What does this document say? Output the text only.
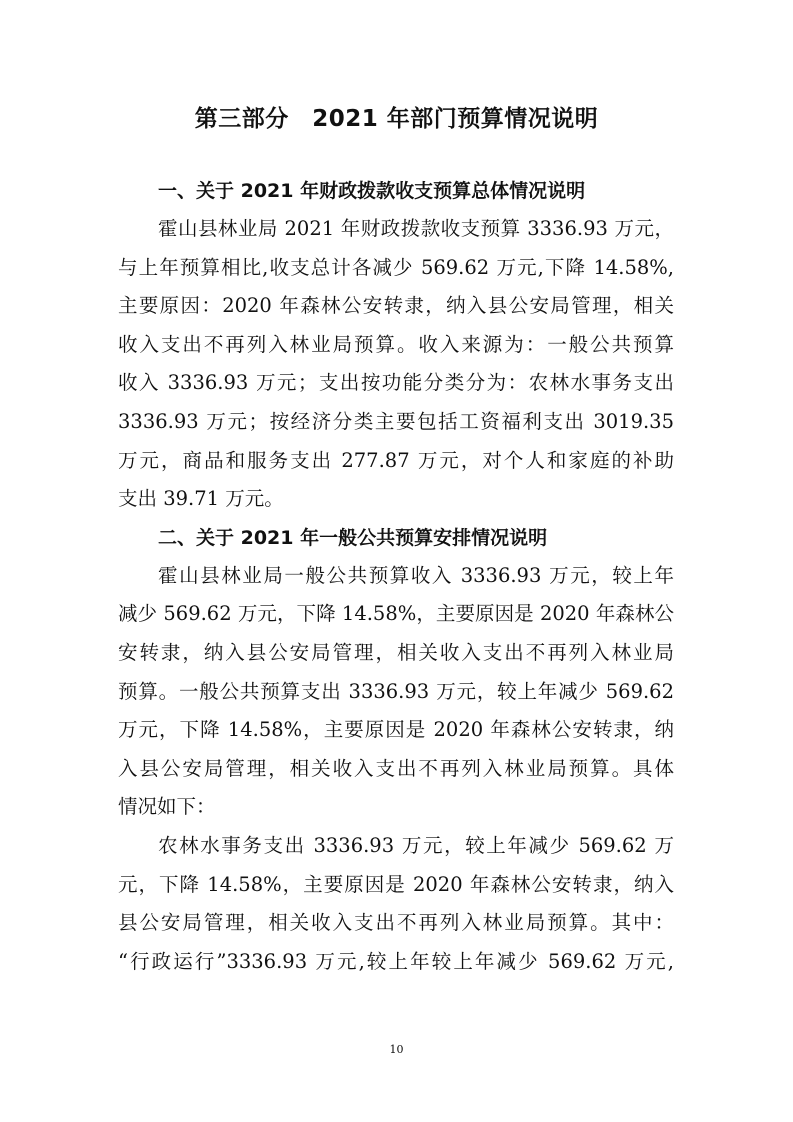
第三部分　2021 年部门预算情况说明
一、关于 2021 年财政拨款收支预算总体情况说明
霍山县林业局 2021 年财政拨款收支预算 3336.93 万元，
与上年预算相比,收支总计各减少 569.62 万元,下降 14.58%,
主要原因：2020 年森林公安转隶，纳入县公安局管理，相关
收入支出不再列入林业局预算。收入来源为：一般公共预算
收入 3336.93 万元；支出按功能分类分为：农林水事务支出
3336.93 万元；按经济分类主要包括工资福利支出 3019.35
万元，商品和服务支出 277.87 万元，对个人和家庭的补助
支出 39.71 万元。
二、关于 2021 年一般公共预算安排情况说明
霍山县林业局一般公共预算收入 3336.93 万元，较上年
减少 569.62 万元，下降 14.58%，主要原因是 2020 年森林公
安转隶，纳入县公安局管理，相关收入支出不再列入林业局
预算。一般公共预算支出 3336.93 万元，较上年减少 569.62
万元，下降 14.58%，主要原因是 2020 年森林公安转隶，纳
入县公安局管理，相关收入支出不再列入林业局预算。具体
情况如下：
农林水事务支出 3336.93 万元，较上年减少 569.62 万
元，下降 14.58%，主要原因是 2020 年森林公安转隶，纳入
县公安局管理，相关收入支出不再列入林业局预算。其中：
“行政运行”3336.93 万元,较上年较上年减少 569.62 万元,
10
